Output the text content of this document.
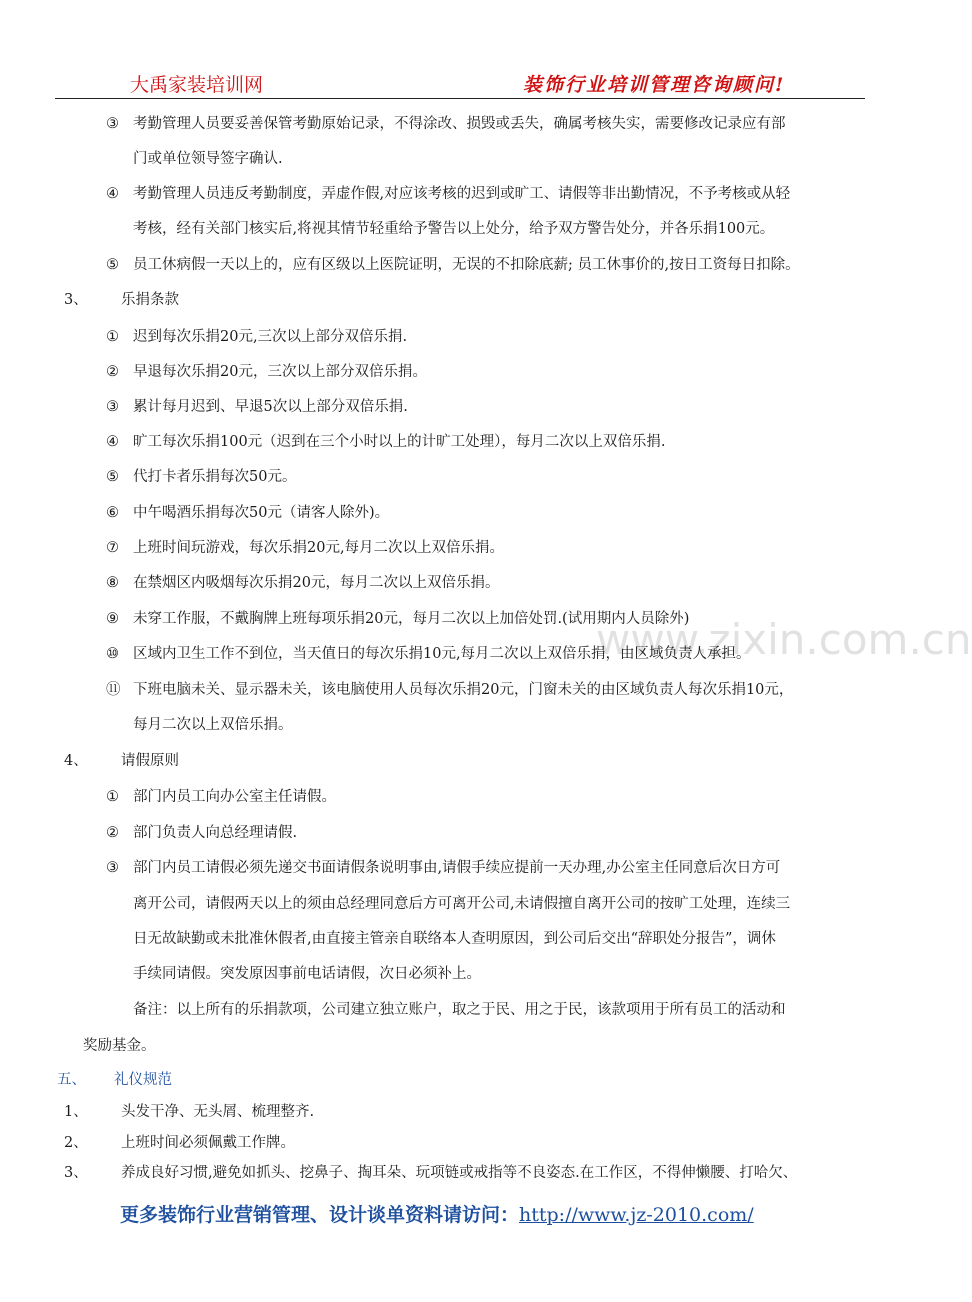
大禹家装培训网	装饰行业培训管理咨询顾问!
www.zixin.com.cn
③ 考勤管理人员要妥善保管考勤原始记录，不得涂改、损毁或丢失，确属考核失实，需要修改记录应有部
门或单位领导签字确认.
④ 考勤管理人员违反考勤制度，弄虚作假,对应该考核的迟到或旷工、请假等非出勤情况，不予考核或从轻
考核，经有关部门核实后,将视其情节轻重给予警告以上处分，给予双方警告处分，并各乐捐100元。
⑤ 员工休病假一天以上的，应有区级以上医院证明，无误的不扣除底薪; 员工休事价的,按日工资每日扣除。
3、 乐捐条款
① 迟到每次乐捐20元,三次以上部分双倍乐捐.
② 早退每次乐捐20元，三次以上部分双倍乐捐。
③ 累计每月迟到、早退5次以上部分双倍乐捐.
④ 旷工每次乐捐100元（迟到在三个小时以上的计旷工处理），每月二次以上双倍乐捐.
⑤ 代打卡者乐捐每次50元。
⑥ 中午喝酒乐捐每次50元（请客人除外)。
⑦ 上班时间玩游戏，每次乐捐20元,每月二次以上双倍乐捐。
⑧ 在禁烟区内吸烟每次乐捐20元，每月二次以上双倍乐捐。
⑨ 未穿工作服，不戴胸牌上班每项乐捐20元，每月二次以上加倍处罚.(试用期内人员除外)
⑩ 区域内卫生工作不到位，当天值日的每次乐捐10元,每月二次以上双倍乐捐，由区域负责人承担。
⑪ 下班电脑未关、显示器未关，该电脑使用人员每次乐捐20元，门窗未关的由区域负责人每次乐捐10元，
每月二次以上双倍乐捐。
4、 请假原则
① 部门内员工向办公室主任请假。
② 部门负责人向总经理请假.
③ 部门内员工请假必须先递交书面请假条说明事由,请假手续应提前一天办理,办公室主任同意后次日方可
离开公司，请假两天以上的须由总经理同意后方可离开公司,未请假擅自离开公司的按旷工处理，连续三
日无故缺勤或未批准休假者,由直接主管亲自联络本人查明原因，到公司后交出“辞职处分报告”，调休
手续同请假。突发原因事前电话请假，次日必须补上。
备注：以上所有的乐捐款项，公司建立独立账户，取之于民、用之于民，该款项用于所有员工的活动和
奖励基金。
五、 礼仪规范
1、 头发干净、无头屑、梳理整齐.
2、 上班时间必须佩戴工作牌。
3、 养成良好习惯,避免如抓头、挖鼻子、掏耳朵、玩项链或戒指等不良姿态.在工作区，不得伸懒腰、打哈欠、
更多装饰行业营销管理、设计谈单资料请访问：http://www.jz-2010.com/
